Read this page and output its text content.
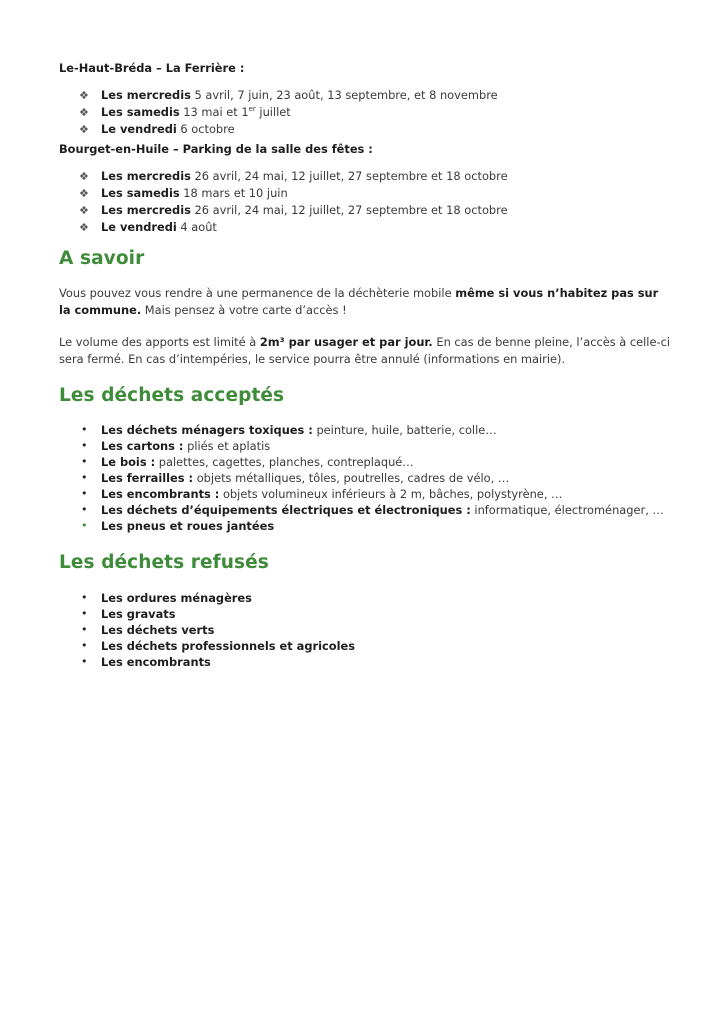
Le-Haut-Bréda – La Ferrière :

❖ Les mercredis 5 avril, 7 juin, 23 août, 13 septembre, et 8 novembre
❖ Les samedis 13 mai et 1er juillet
❖ Le vendredi 6 octobre

Bourget-en-Huile – Parking de la salle des fêtes :

❖ Les mercredis 26 avril, 24 mai, 12 juillet, 27 septembre et 18 octobre
❖ Les samedis 18 mars et 10 juin
❖ Les mercredis 26 avril, 24 mai, 12 juillet, 27 septembre et 18 octobre
❖ Le vendredi 4 août
A savoir

Vous pouvez vous rendre à une permanence de la déchèterie mobile même si vous n’habitez pas sur la commune. Mais pensez à votre carte d’accès !

Le volume des apports est limité à 2m³ par usager et par jour. En cas de benne pleine, l’accès à celle-ci sera fermé. En cas d’intempéries, le service pourra être annulé (informations en mairie).

Les déchets acceptés
• Les déchets ménagers toxiques : peinture, huile, batterie, colle…
• Les cartons : pliés et aplatis
• Le bois : palettes, cagettes, planches, contreplaqué…
• Les ferrailles : objets métalliques, tôles, poutrelles, cadres de vélo, …
• Les encombrants : objets volumineux inférieurs à 2 m, bâches, polystyrène, …
• Les déchets d’équipements électriques et électroniques : informatique, électroménager, …
• Les pneus et roues jantées
Les déchets refusés
• Les ordures ménagères
• Les gravats
• Les déchets verts
• Les déchets professionnels et agricoles
• Les encombrants
